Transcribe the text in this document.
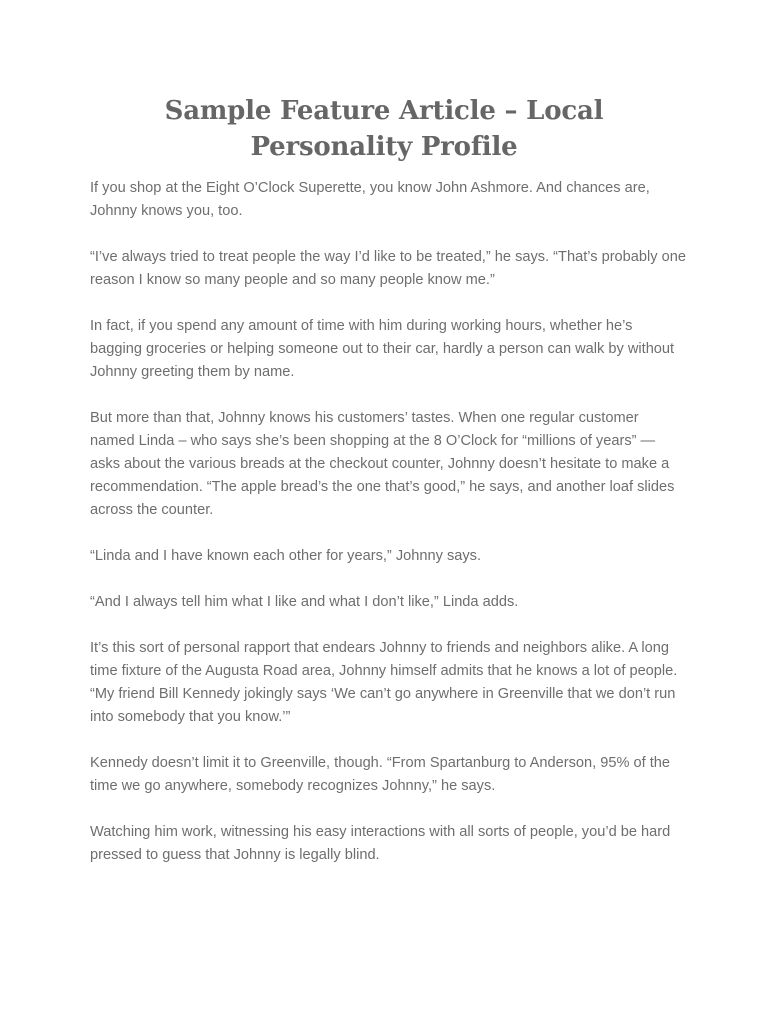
Sample Feature Article – Local
Personality Profile

If you shop at the Eight O’Clock Superette, you know John Ashmore. And chances are, Johnny knows you, too.

“I’ve always tried to treat people the way I’d like to be treated,” he says. “That’s probably one reason I know so many people and so many people know me.”

In fact, if you spend any amount of time with him during working hours, whether he’s bagging groceries or helping someone out to their car, hardly a person can walk by without Johnny greeting them by name.

But more than that, Johnny knows his customers’ tastes. When one regular customer named Linda – who says she’s been shopping at the 8 O’Clock for “millions of years” — asks about the various breads at the checkout counter, Johnny doesn’t hesitate to make a recommendation. “The apple bread’s the one that’s good,” he says, and another loaf slides across the counter.

“Linda and I have known each other for years,” Johnny says.

“And I always tell him what I like and what I don’t like,” Linda adds.

It’s this sort of personal rapport that endears Johnny to friends and neighbors alike. A long time fixture of the Augusta Road area, Johnny himself admits that he knows a lot of people. “My friend Bill Kennedy jokingly says ‘We can’t go anywhere in Greenville that we don’t run into somebody that you know.’”

Kennedy doesn’t limit it to Greenville, though. “From Spartanburg to Anderson, 95% of the time we go anywhere, somebody recognizes Johnny,” he says.

Watching him work, witnessing his easy interactions with all sorts of people, you’d be hard pressed to guess that Johnny is legally blind.
